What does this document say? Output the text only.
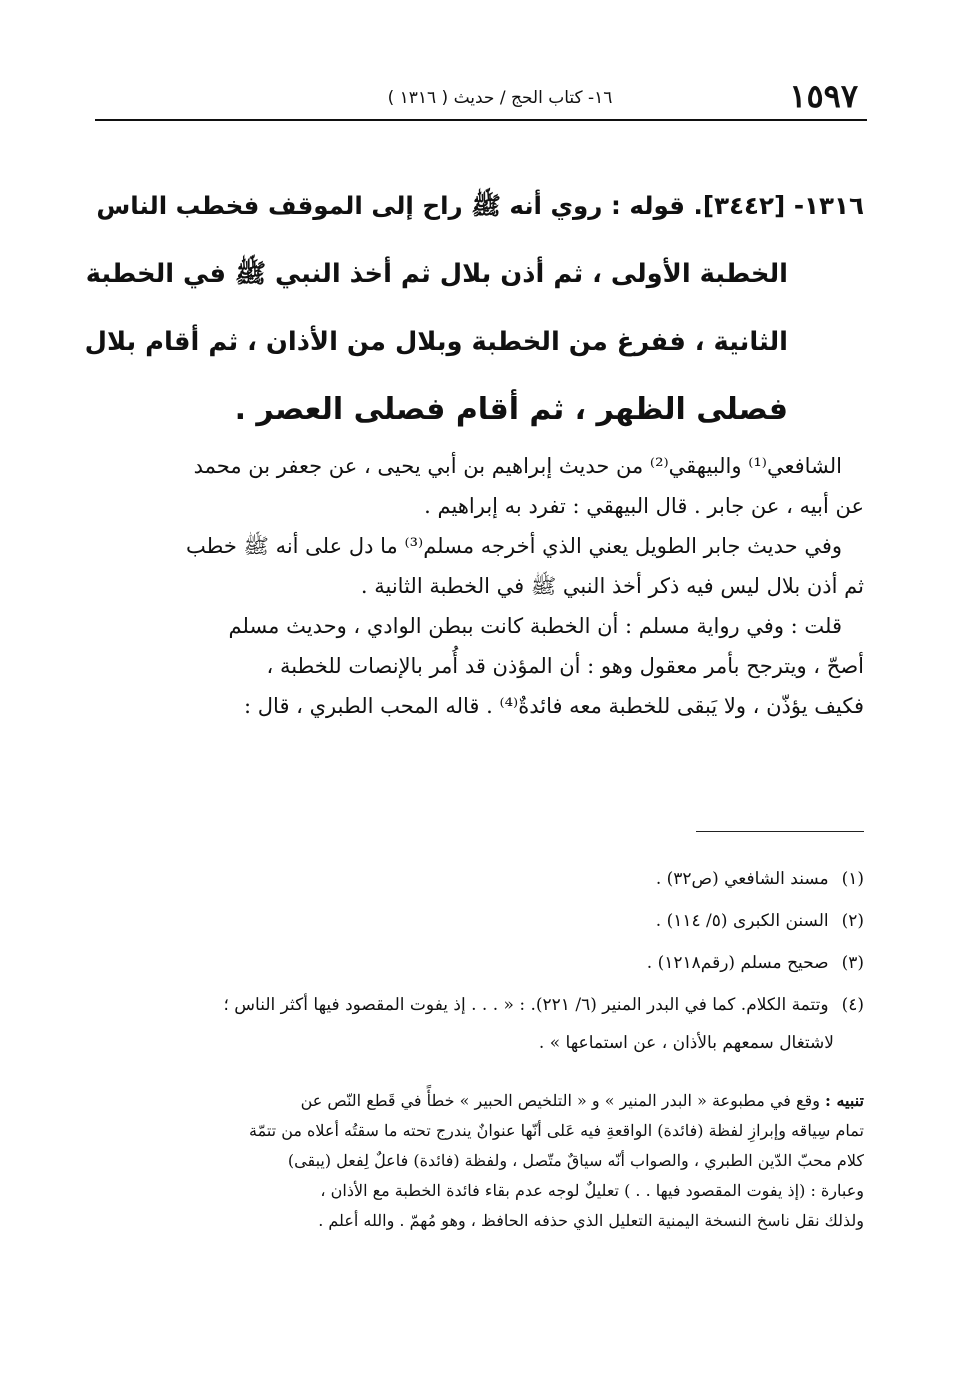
١٥٩٧
١٦- كتاب الحج / حديث ( ١٣١٦ )
١٣١٦- [٣٤٤٢]. قوله : روي أنه ﷺ راح إلى الموقف فخطب الناس
الخطبة الأولى ، ثم أذن بلال ثم أخذ النبي ﷺ في الخطبة
الثانية ، ففرغ من الخطبة وبلال من الأذان ، ثم أقام بلال
فصلى الظهر ، ثم أقام فصلى العصر .
الشافعي⁽¹⁾ والبيهقي⁽²⁾ من حديث إبراهيم بن أبي يحيى ، عن جعفر بن محمد
عن أبيه ، عن جابر . قال البيهقي : تفرد به إبراهيم .
وفي حديث جابر الطويل يعني الذي أخرجه مسلم⁽³⁾ ما دل على أنه ﷺ خطب
ثم أذن بلال ليس فيه ذكر أخذ النبي ﷺ في الخطبة الثانية .
قلت : وفي رواية مسلم : أن الخطبة كانت ببطن الوادي ، وحديث مسلم
أصحّ ، ويترجح بأمر معقول وهو : أن المؤذن قد أُمر بالإنصات للخطبة ،
فكيف يؤذّن ، ولا يَبقى للخطبة معه فائدةٌ⁽⁴⁾ . قاله المحب الطبري ، قال :
(١) مسند الشافعي (ص٣٢) .
(٢) السنن الكبرى (٥/ ١١٤) .
(٣) صحيح مسلم (رقم١٢١٨) .
(٤) وتتمة الكلام. كما في البدر المنير (٦/ ٢٢١). : « . . . إذ يفوت المقصود فيها أكثر الناس ؛
لاشتغال سمعهم بالأذان ، عن استماعها » .
تنبيه : وقع في مطبوعة « البدر المنير » و « التلخيص الحبير » خطأً في قَطع النّص عن
تمام سِياقه وإبرازِ لفظة (فائدة) الواقعةِ فيه عَلى أنّها عنوانٌ يندرج تحته ما سقتُه أعلاه من تتمّة
كلام محبّ الدّين الطبري ، والصواب أنّه سياقٌ متّصل ، ولفظة (فائدة) فاعلٌ لِفعل (يبقى)
وعبارة : (إذ يفوت المقصود فيها . . ) تعليلٌ لوجه عدم بقاء فائدة الخطبة مع الأذان ،
ولذلك نقل ناسخ النسخة اليمنية التعليل الذي حذفه الحافظ ، وهو مُهمّ . والله أعلم .
